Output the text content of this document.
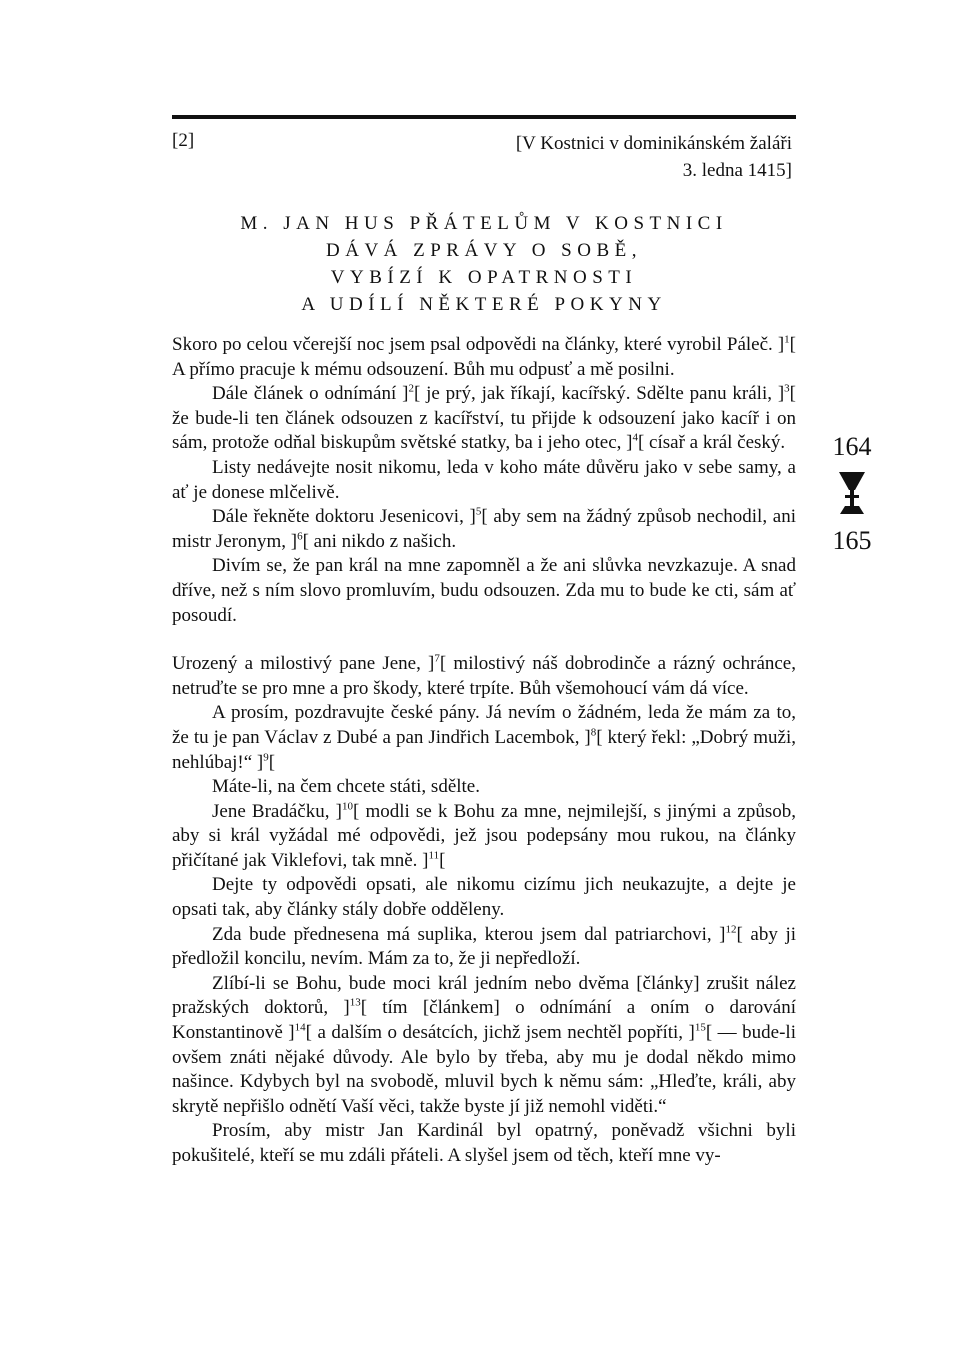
[2]	[V Kostnici v dominikánském žaláři
3. ledna 1415]
M. JAN HUS PŘÁTELŮM V KOSTNICI
DÁVÁ ZPRÁVY O SOBĚ,
VYBÍZÍ K OPATRNOSTI
A UDÍLÍ NĚKTERÉ POKYNY
164
165

Skoro po celou včerejší noc jsem psal odpovědi na články, které vyrobil Páleč. ]$^1$[ A přímo pracuje k mému odsouzení. Bůh mu odpusť a mě posilni.

Dále článek o odnímání ]$^2$[ je prý, jak říkají, kacířský. Sdělte panu králi, ]$^3$[ že bude-li ten článek odsouzen z kacířství, tu přijde k odsouzení jako kacíř i on sám, protože odňal biskupům světské statky, ba i jeho otec, ]$^4$[ císař a král český.

Listy nedávejte nosit nikomu, leda v koho máte důvěru jako v sebe samy, a ať je donese mlčelivě.

Dále řekněte doktoru Jesenicovi, ]$^5$[ aby sem na žádný způsob nechodil, ani mistr Jeronym, ]$^6$[ ani nikdo z našich.

Divím se, že pan král na mne zapomněl a že ani slůvka nevzkazuje. A snad dříve, než s ním slovo promluvím, budu odsouzen. Zda mu to bude ke cti, sám ať posoudí.

Urozený a milostivý pane Jene, ]$^7$[ milostivý náš dobrodinče a rázný ochránce, netruďte se pro mne a pro škody, které trpíte. Bůh všemohoucí vám dá více.

A prosím, pozdravujte české pány. Já nevím o žádném, leda že mám za to, že tu je pan Václav z Dubé a pan Jindřich Lacembok, ]$^8$[ který řekl: „Dobrý muži, nehlúbaj!“ ]$^9$[

Máte-li, na čem chcete státi, sdělte.

Jene Bradáčku, ]$^{10}$[ modli se k Bohu za mne, nejmilejší, s jinými a způsob, aby si král vyžádal mé odpovědi, jež jsou podepsány mou rukou, na články přičítané jak Viklefovi, tak mně. ]$^{11}$[

Dejte ty odpovědi opsati, ale nikomu cizímu jich neukazujte, a dejte je opsati tak, aby články stály dobře odděleny.

Zda bude přednesena má suplika, kterou jsem dal patriarchovi, ]$^{12}$[ aby ji předložil koncilu, nevím. Mám za to, že ji nepředloží.

Zlíbí-li se Bohu, bude moci král jedním nebo dvěma [články] zrušit nález pražských doktorů, ]$^{13}$[ tím [článkem] o odnímání a oním o darování Konstantinově ]$^{14}$[ a dalším o desátcích, jichž jsem nechtěl popříti, ]$^{15}$[ — bude-li ovšem znáti nějaké důvody. Ale bylo by třeba, aby mu je dodal někdo mimo našince. Kdybych byl na svobodě, mluvil bych k němu sám: „Hleďte, králi, aby skrytě nepřišlo odnětí Vaší věci, takže byste jí již nemohl viděti.“

Prosím, aby mistr Jan Kardinál byl opatrný, poněvadž všichni byli pokušitelé, kteří se mu zdáli přáteli. A slyšel jsem od těch, kteří mne vy-
